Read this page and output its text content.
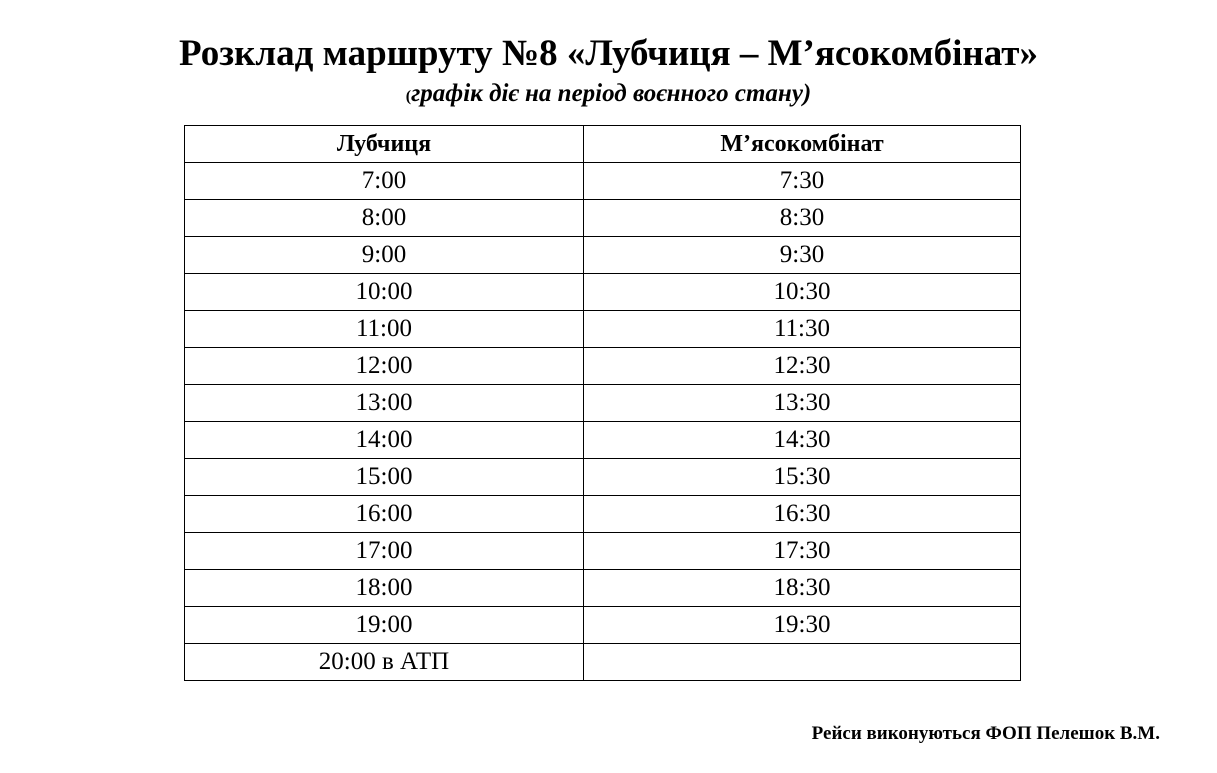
Розклад маршруту №8 «Лубчиця – М’ясокомбінат»
(графік діє на період воєнного стану)
Лубчиця	М’ясокомбінат
7:00	7:30
8:00	8:30
9:00	9:30
10:00	10:30
11:00	11:30
12:00	12:30
13:00	13:30
14:00	14:30
15:00	15:30
16:00	16:30
17:00	17:30
18:00	18:30
19:00	19:30
20:00 в АТП	
Рейси виконуються ФОП Пелешок В.М.
